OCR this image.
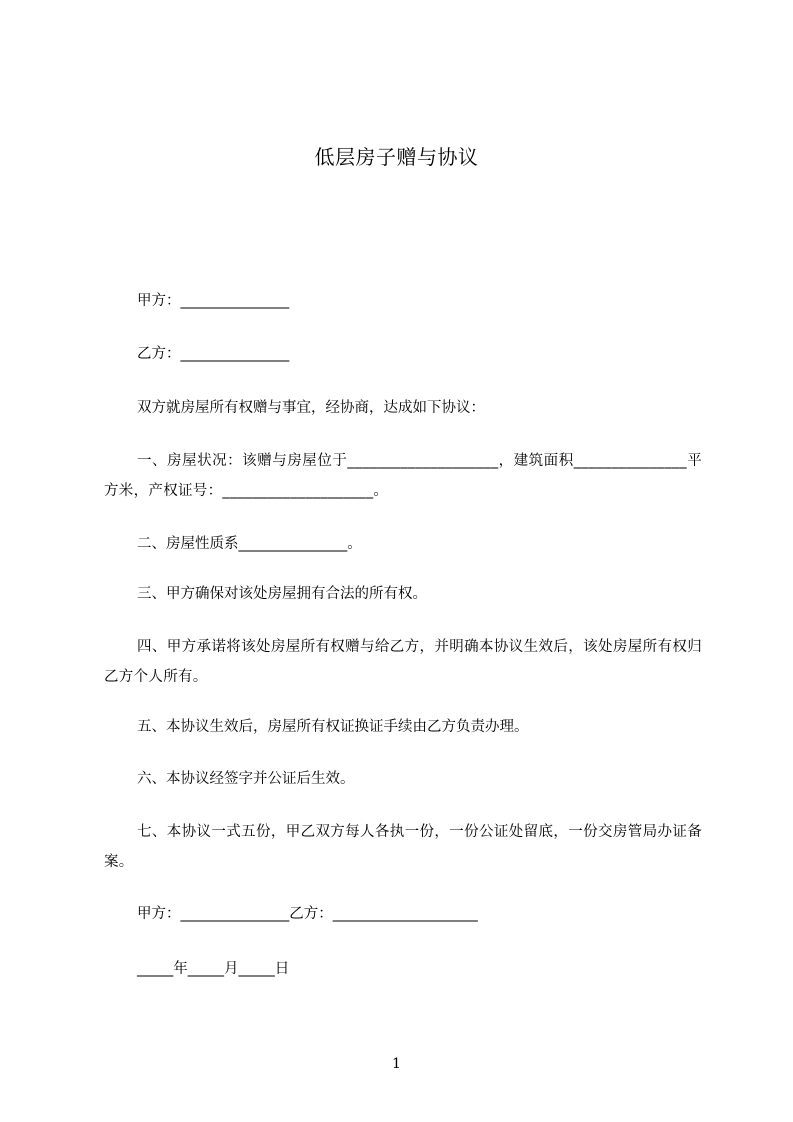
低层房子赠与协议
甲方：_______________
乙方：_______________
双方就房屋所有权赠与事宜，经协商，达成如下协议：
一、房屋状况：该赠与房屋位于____________________，建筑面积_______________平方米，产权证号：____________________。
二、房屋性质系_______________。
三、甲方确保对该处房屋拥有合法的所有权。
四、甲方承诺将该处房屋所有权赠与给乙方，并明确本协议生效后，该处房屋所有权归乙方个人所有。
五、本协议生效后，房屋所有权证换证手续由乙方负责办理。
六、本协议经签字并公证后生效。
七、本协议一式五份，甲乙双方每人各执一份，一份公证处留底，一份交房管局办证备案。
甲方：_______________乙方：____________________
_____年_____月_____日
1
